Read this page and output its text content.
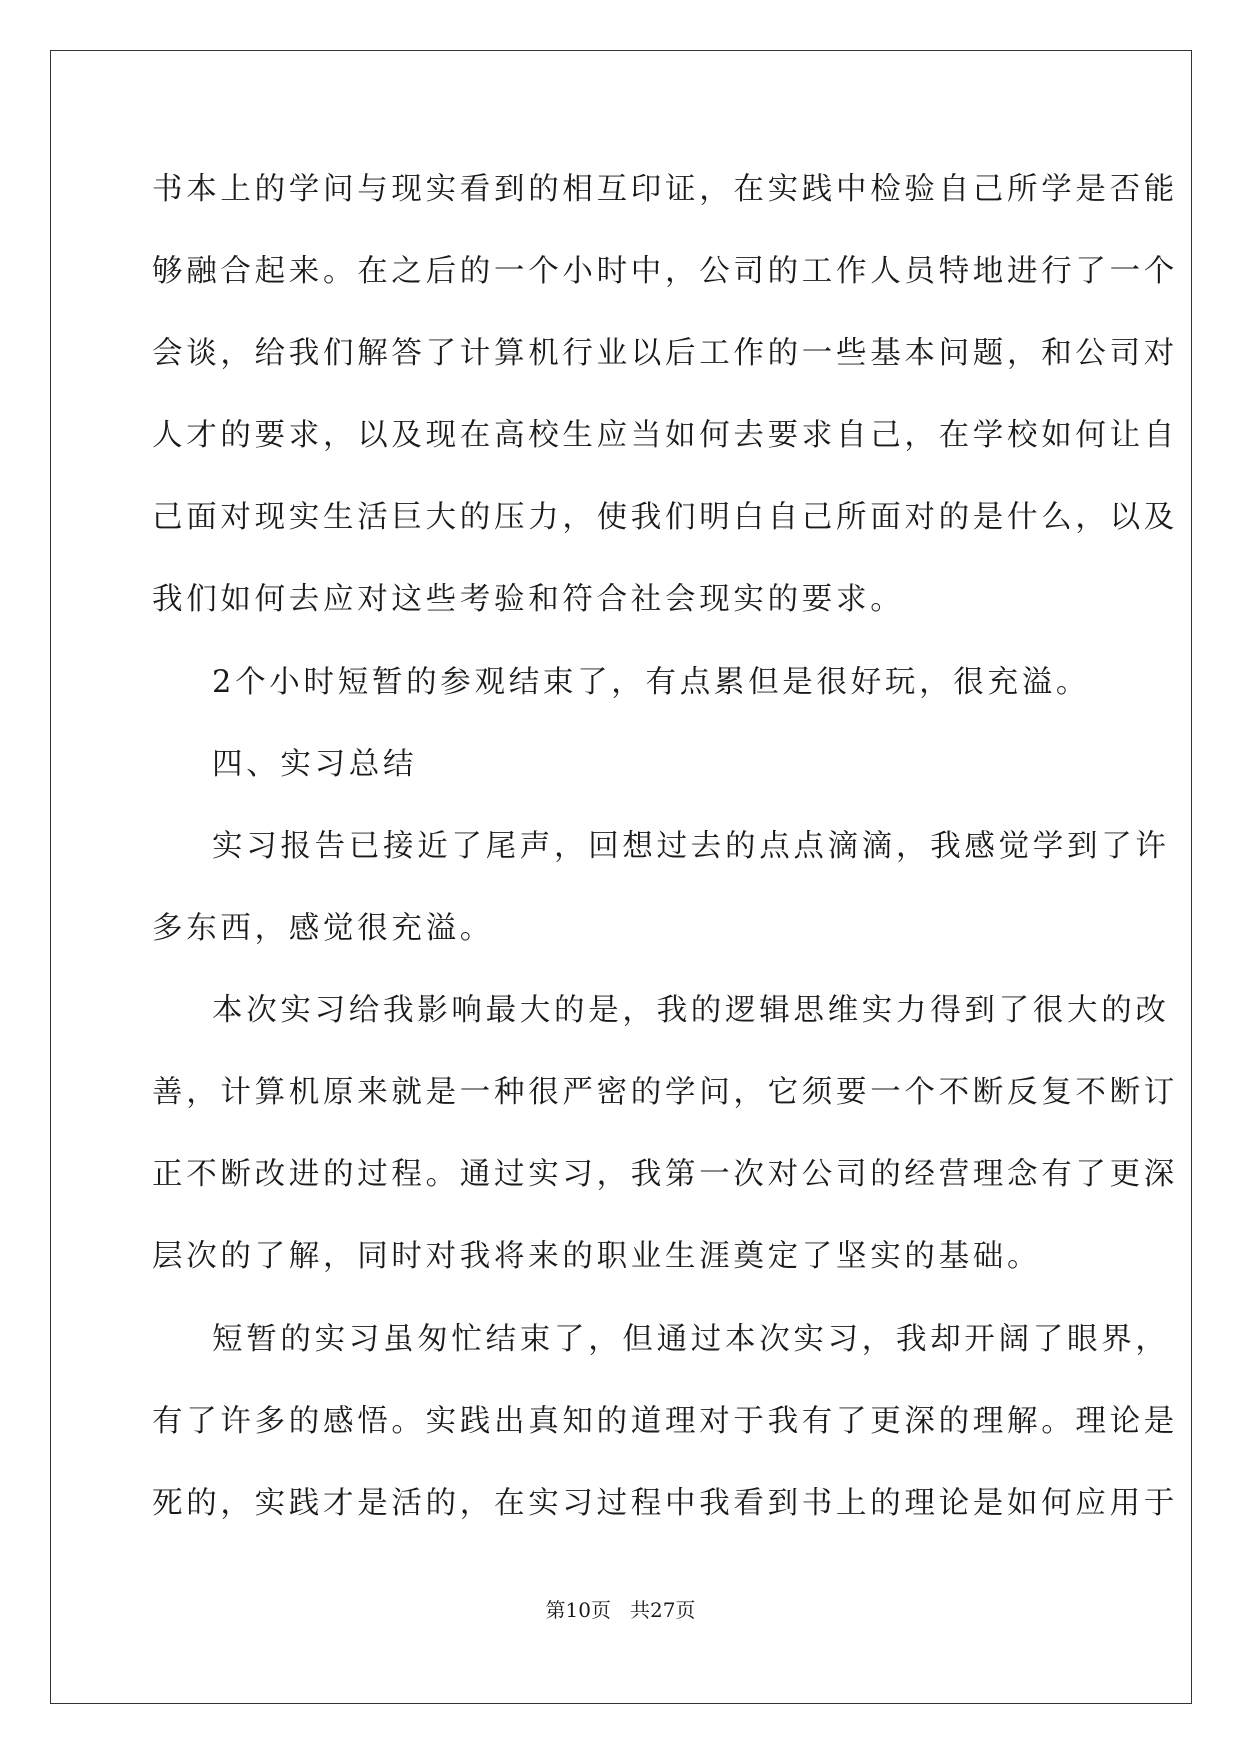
书本上的学问与现实看到的相互印证，在实践中检验自己所学是否能
够融合起来。在之后的一个小时中，公司的工作人员特地进行了一个
会谈，给我们解答了计算机行业以后工作的一些基本问题，和公司对
人才的要求，以及现在高校生应当如何去要求自己，在学校如何让自
己面对现实生活巨大的压力，使我们明白自己所面对的是什么，以及
我们如何去应对这些考验和符合社会现实的要求。
2个小时短暂的参观结束了，有点累但是很好玩，很充溢。
四、实习总结
实习报告已接近了尾声，回想过去的点点滴滴，我感觉学到了许
多东西，感觉很充溢。
本次实习给我影响最大的是，我的逻辑思维实力得到了很大的改
善，计算机原来就是一种很严密的学问，它须要一个不断反复不断订
正不断改进的过程。通过实习，我第一次对公司的经营理念有了更深
层次的了解，同时对我将来的职业生涯奠定了坚实的基础。
短暂的实习虽匆忙结束了，但通过本次实习，我却开阔了眼界，
有了许多的感悟。实践出真知的道理对于我有了更深的理解。理论是
死的，实践才是活的，在实习过程中我看到书上的理论是如何应用于
第10页   共27页
